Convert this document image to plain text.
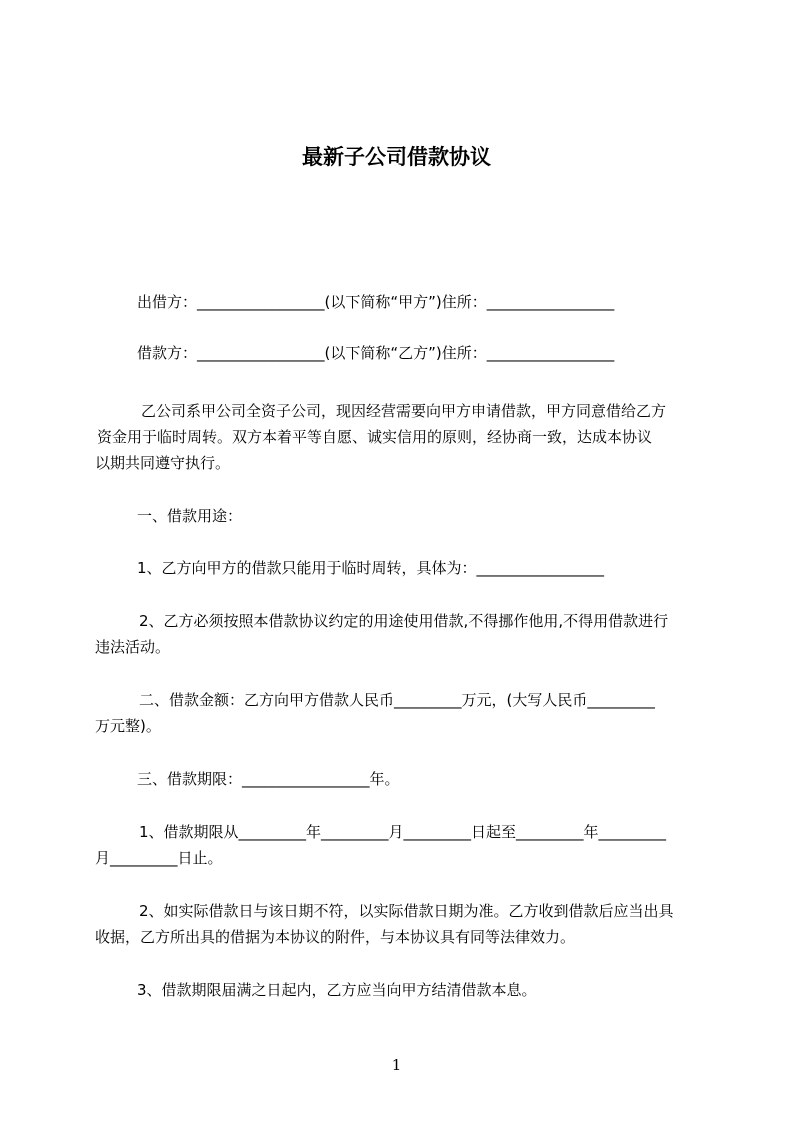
最新子公司借款协议
出借方：_________________(以下简称“甲方”)住所：_________________
借款方：_________________(以下简称“乙方”)住所：_________________
乙公司系甲公司全资子公司，现因经营需要向甲方申请借款，甲方同意借给乙方
资金用于临时周转。双方本着平等自愿、诚实信用的原则，经协商一致，达成本协议
以期共同遵守执行。
一、借款用途：
1、乙方向甲方的借款只能用于临时周转，具体为：_________________
2、乙方必须按照本借款协议约定的用途使用借款,不得挪作他用,不得用借款进行
违法活动。
二、借款金额：乙方向甲方借款人民币_________万元，(大写人民币_________
万元整)。
三、借款期限：_________________年。
1、借款期限从_________年_________月_________日起至_________年_________
月_________日止。
2、如实际借款日与该日期不符，以实际借款日期为准。乙方收到借款后应当出具
收据，乙方所出具的借据为本协议的附件，与本协议具有同等法律效力。
3、借款期限届满之日起内，乙方应当向甲方结清借款本息。
1
